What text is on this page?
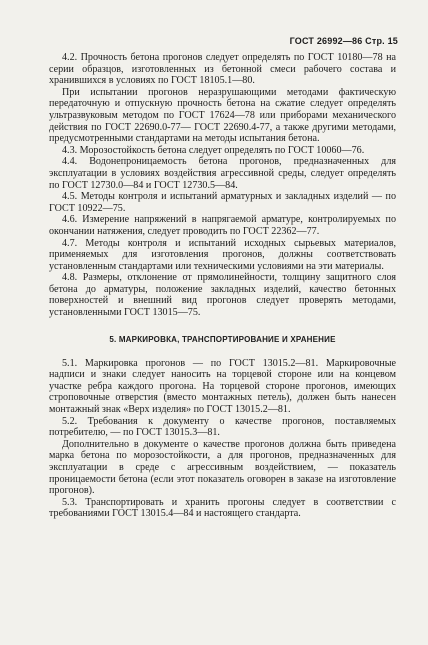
ГОСТ 26992—86 Стр. 15

4.2. Прочность бетона прогонов следует определять по ГОСТ 10180—78 на серии образцов, изготовленных из бетонной смеси рабочего состава и хранившихся в условиях по ГОСТ 18105.1—80.

При испытании прогонов неразрушающими методами фактическую передаточную и отпускную прочность бетона на сжатие следует определять ультразвуковым методом по ГОСТ 17624—78 или приборами механического действия по ГОСТ 22690.0-77— ГОСТ 22690.4-77, а также другими методами, предусмотренными стандартами на методы испытания бетона.

4.3. Морозостойкость бетона следует определять по ГОСТ 10060—76.

4.4. Водонепроницаемость бетона прогонов, предназначенных для эксплуатации в условиях воздействия агрессивной среды, следует определять по ГОСТ 12730.0—84 и ГОСТ 12730.5—84.

4.5. Методы контроля и испытаний арматурных и закладных изделий — по ГОСТ 10922—75.

4.6. Измерение напряжений в напрягаемой арматуре, контролируемых по окончании натяжения, следует проводить по ГОСТ 22362—77.

4.7. Методы контроля и испытаний исходных сырьевых материалов, применяемых для изготовления прогонов, должны соответствовать установленным стандартами или техническими условиями на эти материалы.

4.8. Размеры, отклонение от прямолинейности, толщину защитного слоя бетона до арматуры, положение закладных изделий, качество бетонных поверхностей и внешний вид прогонов следует проверять методами, установленными ГОСТ 13015—75.

5. МАРКИРОВКА, ТРАНСПОРТИРОВАНИЕ И ХРАНЕНИЕ

5.1. Маркировка прогонов — по ГОСТ 13015.2—81. Маркировочные надписи и знаки следует наносить на торцевой стороне или на концевом участке ребра каждого прогона. На торцевой стороне прогонов, имеющих строповочные отверстия (вместо монтажных петель), должен быть нанесен монтажный знак «Верх изделия» по ГОСТ 13015.2—81.

5.2. Требования к документу о качестве прогонов, поставляемых потребителю, — по ГОСТ 13015.3—81.

Дополнительно в документе о качестве прогонов должна быть приведена марка бетона по морозостойкости, а для прогонов, предназначенных для эксплуатации в среде с агрессивным воздействием, — показатель проницаемости бетона (если этот показатель оговорен в заказе на изготовление прогонов).

5.3. Транспортировать и хранить прогоны следует в соответствии с требованиями ГОСТ 13015.4—84 и настоящего стандарта.
